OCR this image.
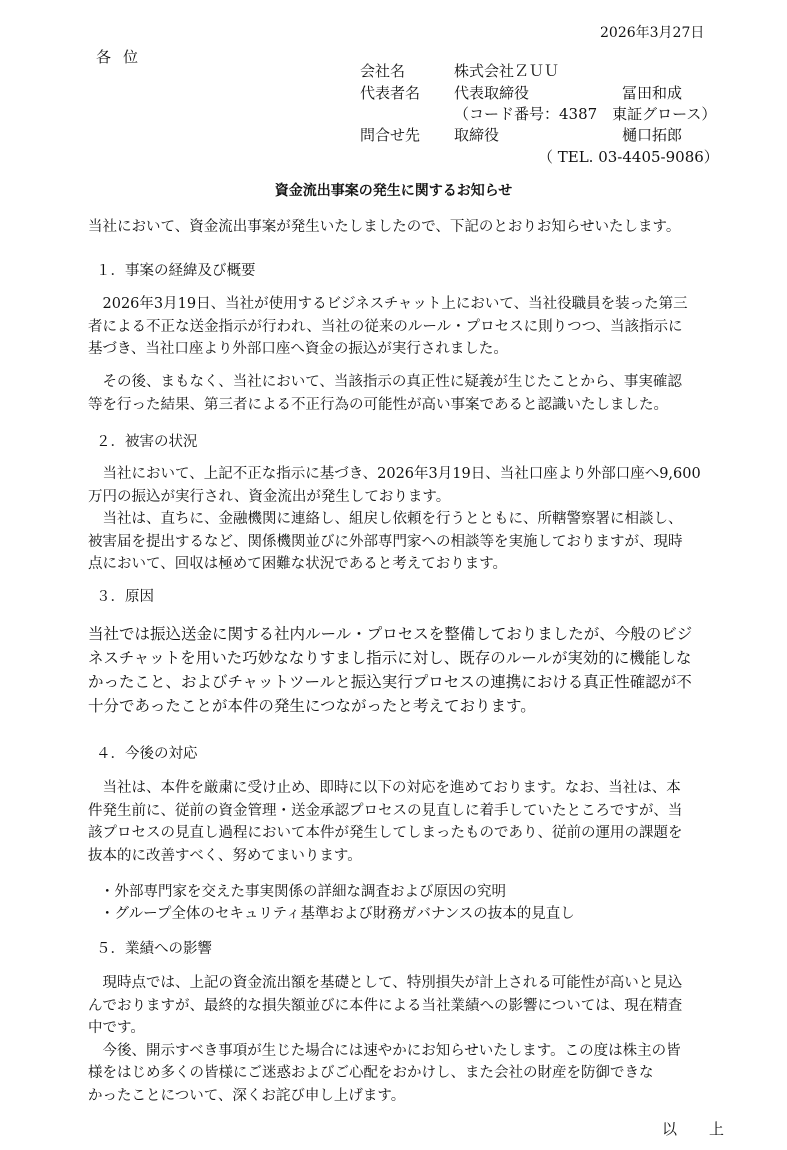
2026年3月27日
各位
会社名	株式会社ＺＵＵ
代表者名 代表取締役	冨田和成
（コード番号：4387　東証グロース）
問合せ先 取締役	樋口拓郎
（ TEL. 03-4405-9086）
資金流出事案の発生に関するお知らせ

当社において、資金流出事案が発生いたしましたので、下記のとおりお知らせいたします。

１．事案の経緯及び概要

　2026年3月19日、当社が使用するビジネスチャット上において、当社役職員を装った第三
者による不正な送金指示が行われ、当社の従来のルール・プロセスに則りつつ、当該指示に
基づき、当社口座より外部口座へ資金の振込が実行されました。

　その後、まもなく、当社において、当該指示の真正性に疑義が生じたことから、事実確認
等を行った結果、第三者による不正行為の可能性が高い事案であると認識いたしました。

２．被害の状況

　当社において、上記不正な指示に基づき、2026年3月19日、当社口座より外部口座へ9,600
万円の振込が実行され、資金流出が発生しております。
　当社は、直ちに、金融機関に連絡し、組戻し依頼を行うとともに、所轄警察署に相談し、
被害届を提出するなど、関係機関並びに外部専門家への相談等を実施しておりますが、現時
点において、回収は極めて困難な状況であると考えております。

３．原因

当社では振込送金に関する社内ルール・プロセスを整備しておりましたが、今般のビジ
ネスチャットを用いた巧妙ななりすまし指示に対し、既存のルールが実効的に機能しな
かったこと、およびチャットツールと振込実行プロセスの連携における真正性確認が不
十分であったことが本件の発生につながったと考えております。

４．今後の対応

　当社は、本件を厳粛に受け止め、即時に以下の対応を進めております。なお、当社は、本
件発生前に、従前の資金管理・送金承認プロセスの見直しに着手していたところですが、当
該プロセスの見直し過程において本件が発生してしまったものであり、従前の運用の課題を
抜本的に改善すべく、努めてまいります。

・外部専門家を交えた事実関係の詳細な調査および原因の究明
・グループ全体のセキュリティ基準および財務ガバナンスの抜本的見直し
５．業績への影響

　現時点では、上記の資金流出額を基礎として、特別損失が計上される可能性が高いと見込
んでおりますが、最終的な損失額並びに本件による当社業績への影響については、現在精査
中です。
　今後、開示すべき事項が生じた場合には速やかにお知らせいたします。この度は株主の皆
様をはじめ多くの皆様にご迷惑およびご心配をおかけし、また会社の財産を防御できな
かったことについて、深くお詫び申し上げます。

以上
